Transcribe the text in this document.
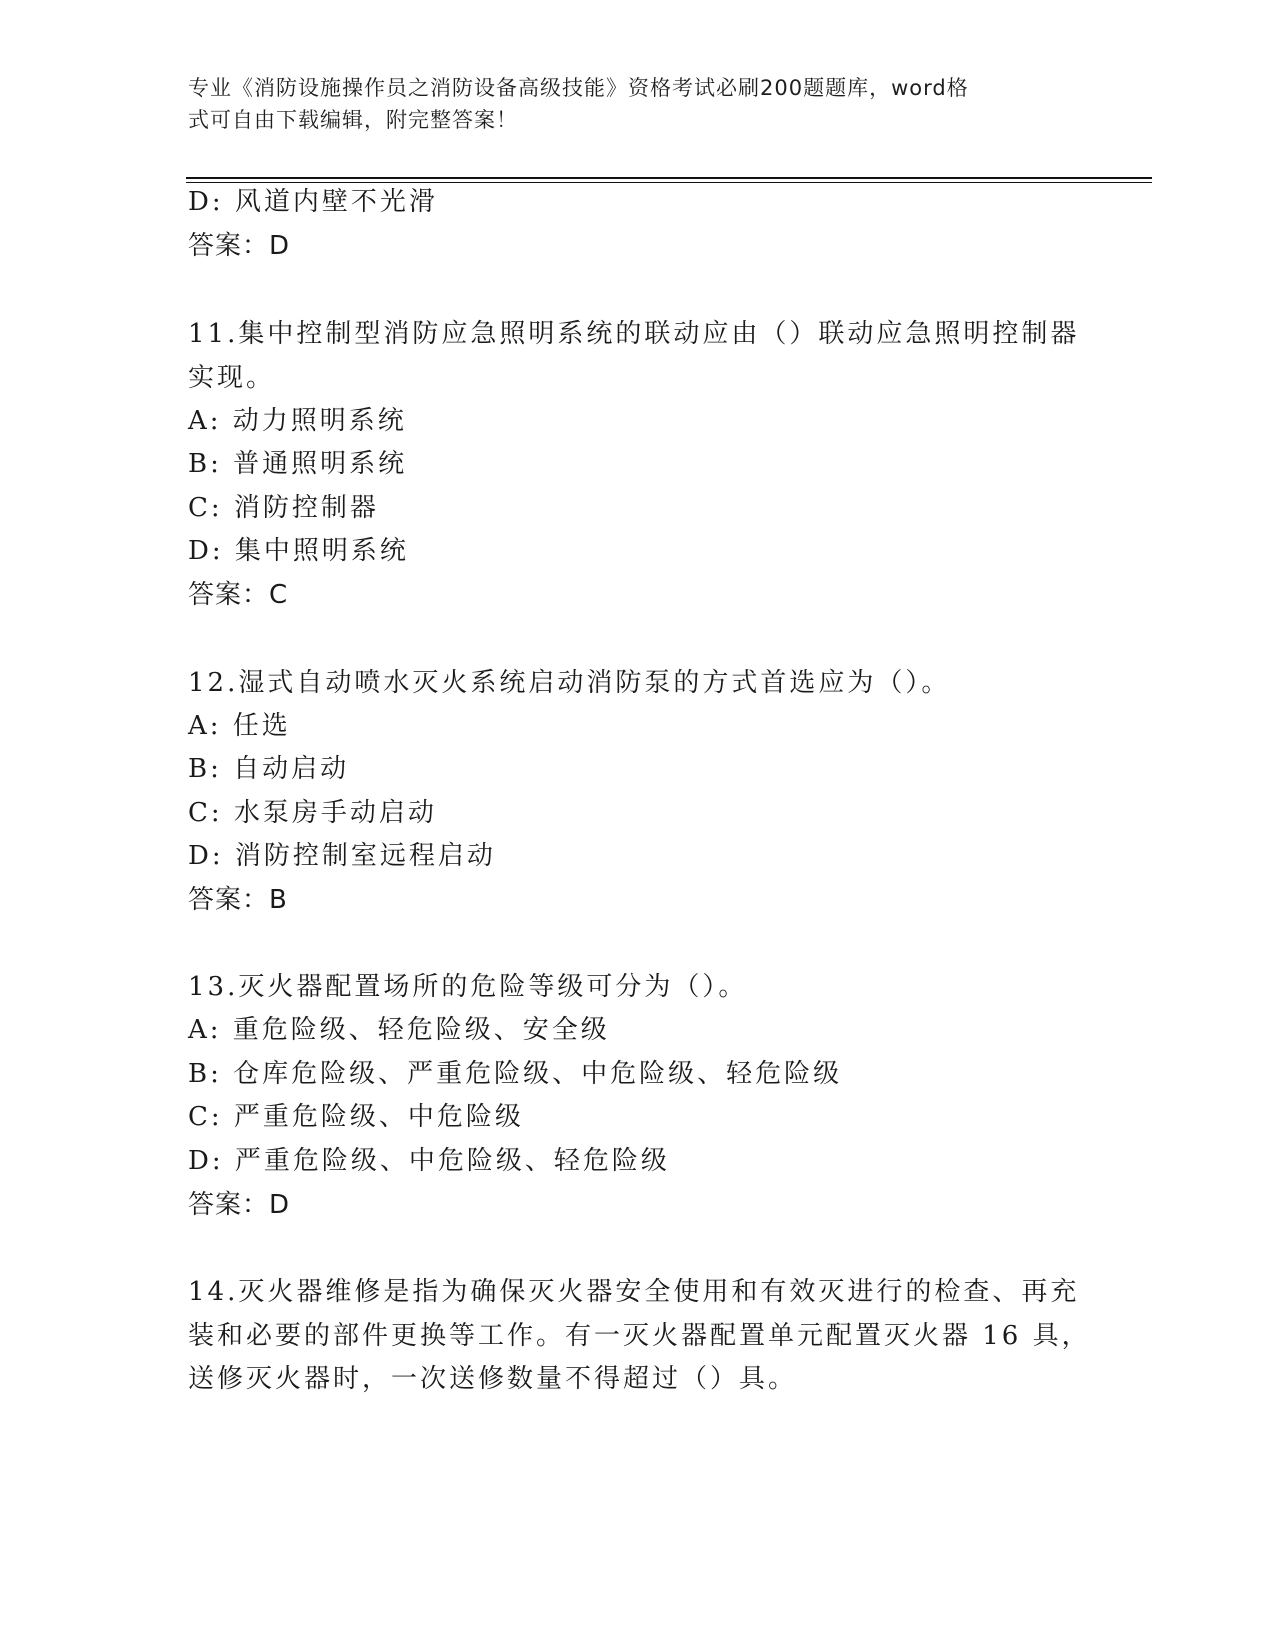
专业《消防设施操作员之消防设备高级技能》资格考试必刷200题题库，word格
式可自由下载编辑，附完整答案！
D: 风道内壁不光滑
答案：D
11.集中控制型消防应急照明系统的联动应由（）联动应急照明控制器
实现。
A: 动力照明系统
B: 普通照明系统
C: 消防控制器
D: 集中照明系统
答案：C
12.湿式自动喷水灭火系统启动消防泵的方式首选应为（）。
A: 任选
B: 自动启动
C: 水泵房手动启动
D: 消防控制室远程启动
答案：B
13.灭火器配置场所的危险等级可分为（）。
A: 重危险级、轻危险级、安全级
B: 仓库危险级、严重危险级、中危险级、轻危险级
C: 严重危险级、中危险级
D: 严重危险级、中危险级、轻危险级
答案：D
14.灭火器维修是指为确保灭火器安全使用和有效灭进行的检查、再充
装和必要的部件更换等工作。有一灭火器配置单元配置灭火器 16 具，
送修灭火器时，一次送修数量不得超过（）具。
